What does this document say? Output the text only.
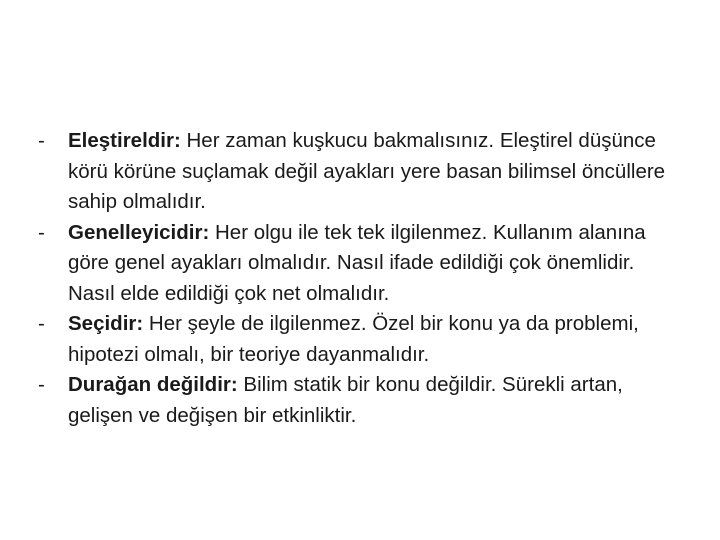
-	Eleştireldir: Her zaman kuşkucu bakmalısınız. Eleştirel düşünce körü körüne suçlamak değil ayakları yere basan bilimsel öncüllere sahip olmalıdır.
-	Genelleyicidir: Her olgu ile tek tek ilgilenmez. Kullanım alanına göre genel ayakları olmalıdır. Nasıl ifade edildiği çok önemlidir. Nasıl elde edildiği çok net olmalıdır.
-	Seçidir: Her şeyle de ilgilenmez. Özel bir konu ya da problemi, hipotezi olmalı, bir teoriye dayanmalıdır.
-	Durağan değildir: Bilim statik bir konu değildir. Sürekli artan, gelişen ve değişen bir etkinliktir.
